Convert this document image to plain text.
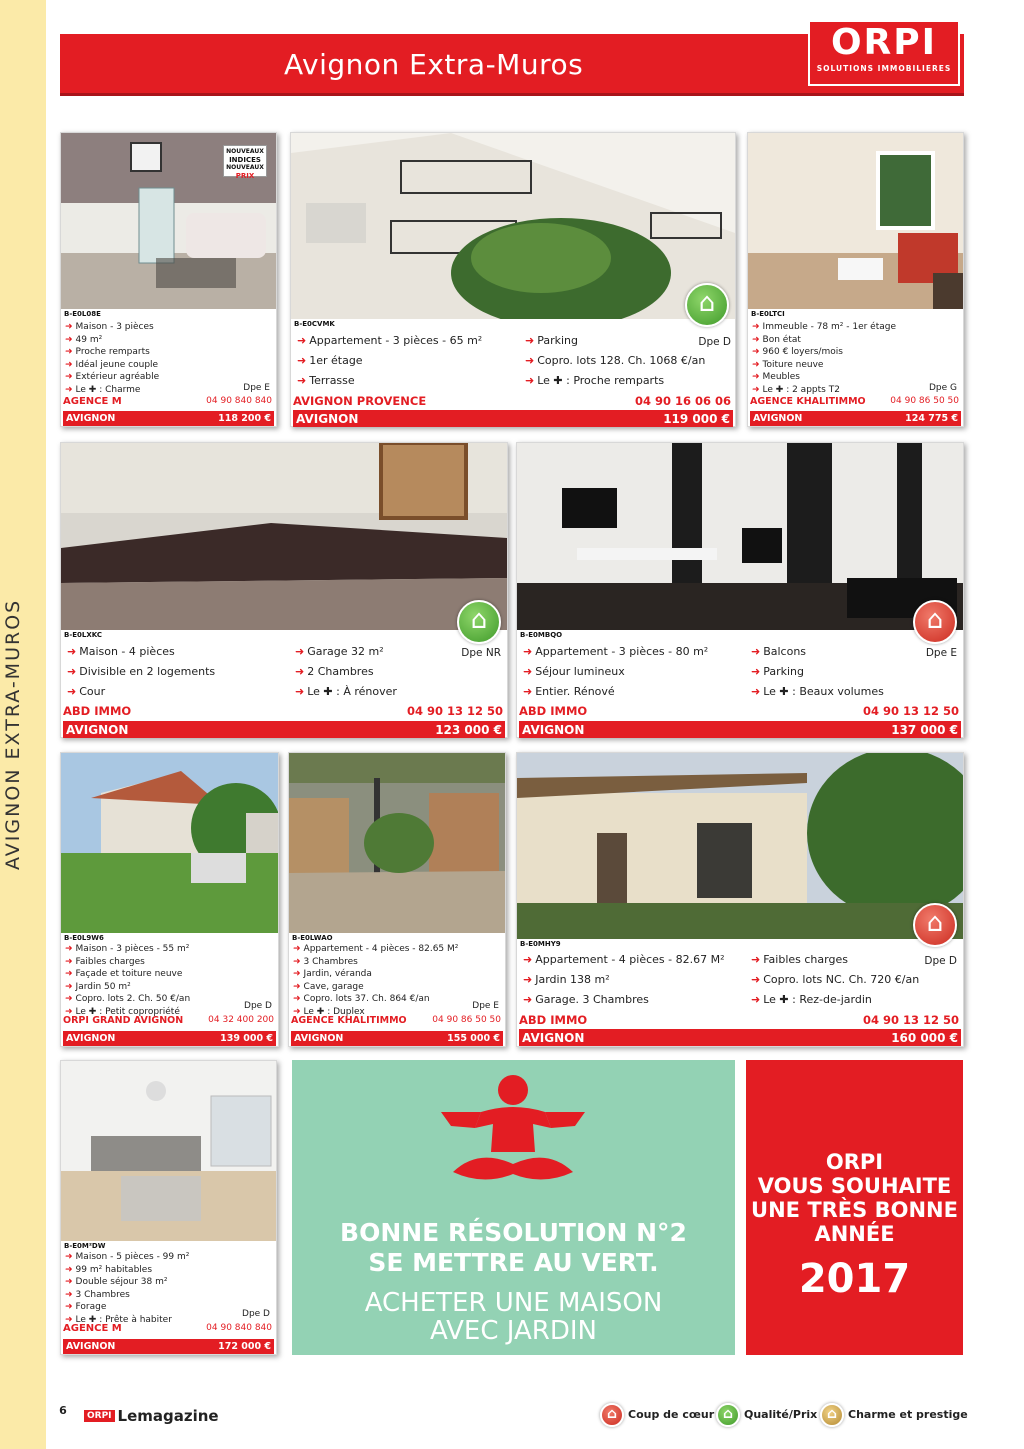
AVIGNON EXTRA-MUROS
Avignon Extra-Muros
ORPI
SOLUTIONS IMMOBILIERES
NOUVEAUX
INDICES
NOUVEAUX
PRIX
B-E0L08E
➜ Maison - 3 pièces
➜ 49 m²
➜ Proche remparts
➜ Idéal jeune couple
➜ Extérieur agréable
➜ Le ✚ : Charme	Dpe E
AGENCE M	04 90 840 840
AVIGNON	118 200 €
⌂
B-E0CVMK
➜ Appartement - 3 pièces - 65 m²
➜ 1er étage
➜ Terrasse
➜ Parking
➜ Copro. lots 128. Ch. 1068 €/an
➜ Le ✚ : Proche remparts
Dpe D
AVIGNON PROVENCE	04 90 16 06 06
AVIGNON	119 000 €
B-E0LTCI
➜ Immeuble - 78 m² - 1er étage
➜ Bon état
➜ 960 € loyers/mois
➜ Toiture neuve
➜ Meubles
➜ Le ✚ : 2 appts T2	Dpe G
AGENCE KHALITIMMO	04 90 86 50 50
AVIGNON	124 775 €
⌂
B-E0LXKC
➜ Maison - 4 pièces
➜ Divisible en 2 logements
➜ Cour
➜ Garage 32 m²
➜ 2 Chambres
➜ Le ✚ : À rénover
Dpe NR
ABD IMMO	04 90 13 12 50
AVIGNON	123 000 €
⌂
B-E0MBQO
➜ Appartement - 3 pièces - 80 m²
➜ Séjour lumineux
➜ Entier. Rénové
➜ Balcons
➜ Parking
➜ Le ✚ : Beaux volumes
Dpe E
ABD IMMO	04 90 13 12 50
AVIGNON	137 000 €
B-E0L9W6
➜ Maison - 3 pièces - 55 m²
➜ Faibles charges
➜ Façade et toiture neuve
➜ Jardin 50 m²
➜ Copro. lots 2. Ch. 50 €/an
➜ Le ✚ : Petit copropriété
Dpe D
ORPI GRAND AVIGNON	04 32 400 200
AVIGNON	139 000 €
B-E0LWAO
➜ Appartement - 4 pièces - 82.65 M²
➜ 3 Chambres
➜ Jardin, véranda
➜ Cave, garage
➜ Copro. lots 37. Ch. 864 €/an
➜ Le ✚ : Duplex
Dpe E
AGENCE KHALITIMMO	04 90 86 50 50
AVIGNON	155 000 €
⌂
B-E0MHY9
➜ Appartement - 4 pièces - 82.67 M²
➜ Jardin 138 m²
➜ Garage. 3 Chambres
➜ Faibles charges
➜ Copro. lots NC. Ch. 720 €/an
➜ Le ✚ : Rez-de-jardin
Dpe D
ABD IMMO	04 90 13 12 50
AVIGNON	160 000 €
B-E0M²DW
➜ Maison - 5 pièces - 99 m²
➜ 99 m² habitables
➜ Double séjour 38 m²
➜ 3 Chambres
➜ Forage
➜ Le ✚ : Prête à habiter
Dpe D
AGENCE M	04 90 840 840
AVIGNON	172 000 €
BONNE RÉSOLUTION N°2
SE METTRE AU VERT.
ACHETER UNE MAISON
AVEC JARDIN
ORPI
VOUS SOUHAITE
UNE TRÈS BONNE
ANNÉE
2017
6	ORPI Lemagazine ⌂	Coup de cœur ⌂	Qualité/Prix ⌂	Charme et prestige
